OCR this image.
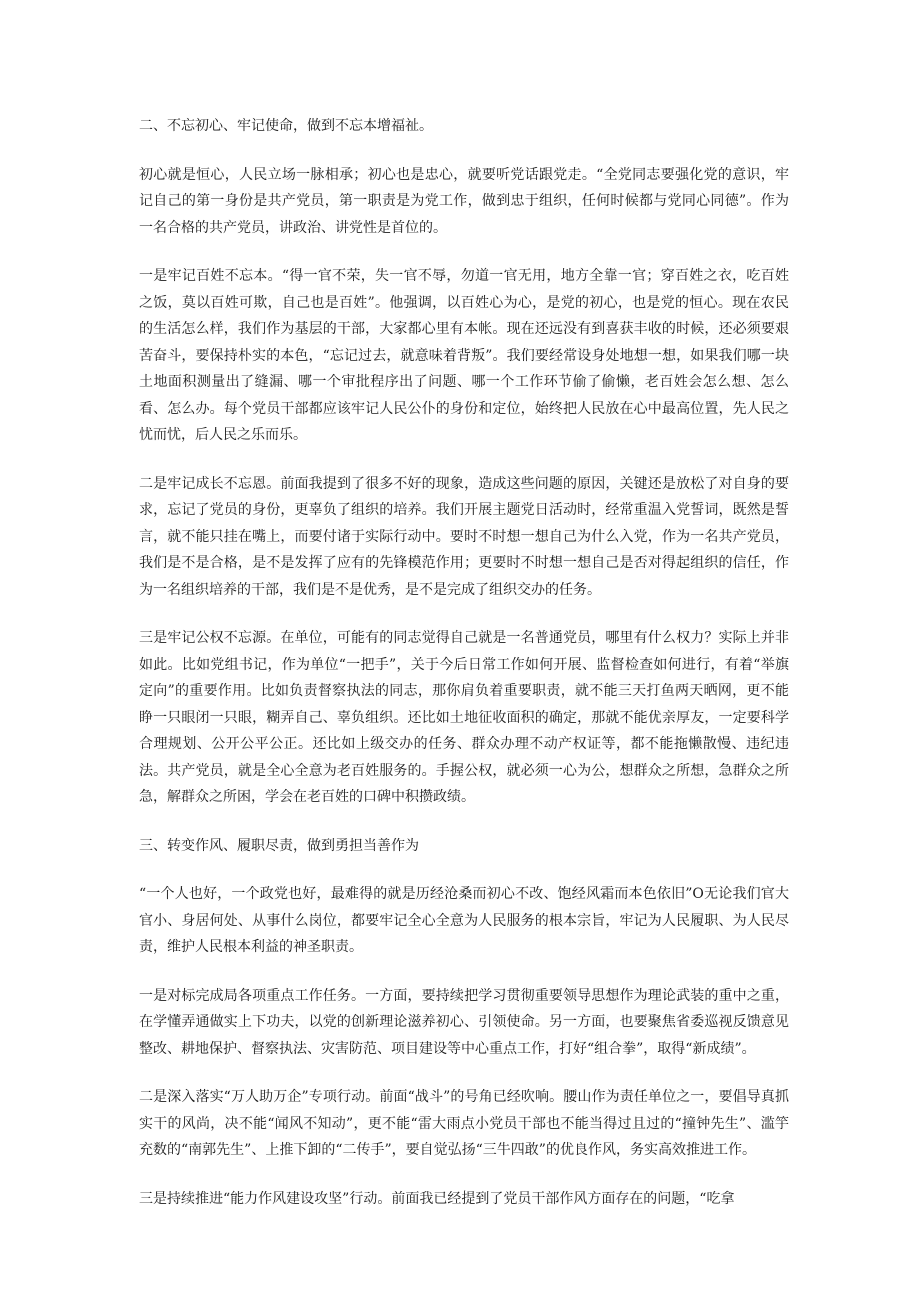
二、不忘初心、牢记使命，做到不忘本增福祉。

初心就是恒心，人民立场一脉相承；初心也是忠心，就要听党话跟党走。“全党同志要强化党的意识，牢记自己的第一身份是共产党员，第一职责是为党工作，做到忠于组织，任何时候都与党同心同德”。作为一名合格的共产党员，讲政治、讲党性是首位的。

一是牢记百姓不忘本。“得一官不荣，失一官不辱，勿道一官无用，地方全靠一官；穿百姓之衣，吃百姓之饭，莫以百姓可欺，自己也是百姓”。他强调，以百姓心为心，是党的初心，也是党的恒心。现在农民的生活怎么样，我们作为基层的干部，大家都心里有本帐。现在还远没有到喜获丰收的时候，还必须要艰苦奋斗，要保持朴实的本色，“忘记过去，就意味着背叛”。我们要经常设身处地想一想，如果我们哪一块土地面积测量出了缝漏、哪一个审批程序出了问题、哪一个工作环节偷了偷懒，老百姓会怎么想、怎么看、怎么办。每个党员干部都应该牢记人民公仆的身份和定位，始终把人民放在心中最高位置，先人民之忧而忧，后人民之乐而乐。

二是牢记成长不忘恩。前面我提到了很多不好的现象，造成这些问题的原因，关键还是放松了对自身的要求，忘记了党员的身份，更辜负了组织的培养。我们开展主题党日活动时，经常重温入党誓词，既然是誓言，就不能只挂在嘴上，而要付诸于实际行动中。要时不时想一想自己为什么入党，作为一名共产党员，我们是不是合格，是不是发挥了应有的先锋模范作用；更要时不时想一想自己是否对得起组织的信任，作为一名组织培养的干部，我们是不是优秀，是不是完成了组织交办的任务。

三是牢记公权不忘源。在单位，可能有的同志觉得自己就是一名普通党员，哪里有什么权力？实际上并非如此。比如党组书记，作为单位“一把手”，关于今后日常工作如何开展、监督检查如何进行，有着“举旗定向”的重要作用。比如负责督察执法的同志，那你肩负着重要职责，就不能三天打鱼两天晒网，更不能睁一只眼闭一只眼，糊弄自己、辜负组织。还比如土地征收面积的确定，那就不能优亲厚友，一定要科学合理规划、公开公平公正。还比如上级交办的任务、群众办理不动产权证等，都不能拖懒散慢、违纪违法。共产党员，就是全心全意为老百姓服务的。手握公权，就必须一心为公，想群众之所想，急群众之所急，解群众之所困，学会在老百姓的口碑中积攒政绩。

三、转变作风、履职尽责，做到勇担当善作为

“一个人也好，一个政党也好，最难得的就是历经沧桑而初心不改、饱经风霜而本色依旧”O无论我们官大官小、身居何处、从事什么岗位，都要牢记全心全意为人民服务的根本宗旨，牢记为人民履职、为人民尽责，维护人民根本利益的神圣职责。

一是对标完成局各项重点工作任务。一方面，要持续把学习贯彻重要领导思想作为理论武装的重中之重，在学懂弄通做实上下功夫，以党的创新理论滋养初心、引领使命。另一方面，也要聚焦省委巡视反馈意见整改、耕地保护、督察执法、灾害防范、项目建设等中心重点工作，打好“组合拳”，取得“新成绩”。

二是深入落实“万人助万企”专项行动。前面“战斗”的号角已经吹响。腰山作为责任单位之一，要倡导真抓实干的风尚，决不能“闻风不知动”，更不能“雷大雨点小党员干部也不能当得过且过的“撞钟先生”、滥竽充数的“南郭先生”、上推下卸的“二传手”，要自觉弘扬“三牛四敢”的优良作风，务实高效推进工作。

三是持续推进“能力作风建设攻坚”行动。前面我已经提到了党员干部作风方面存在的问题，“吃拿
